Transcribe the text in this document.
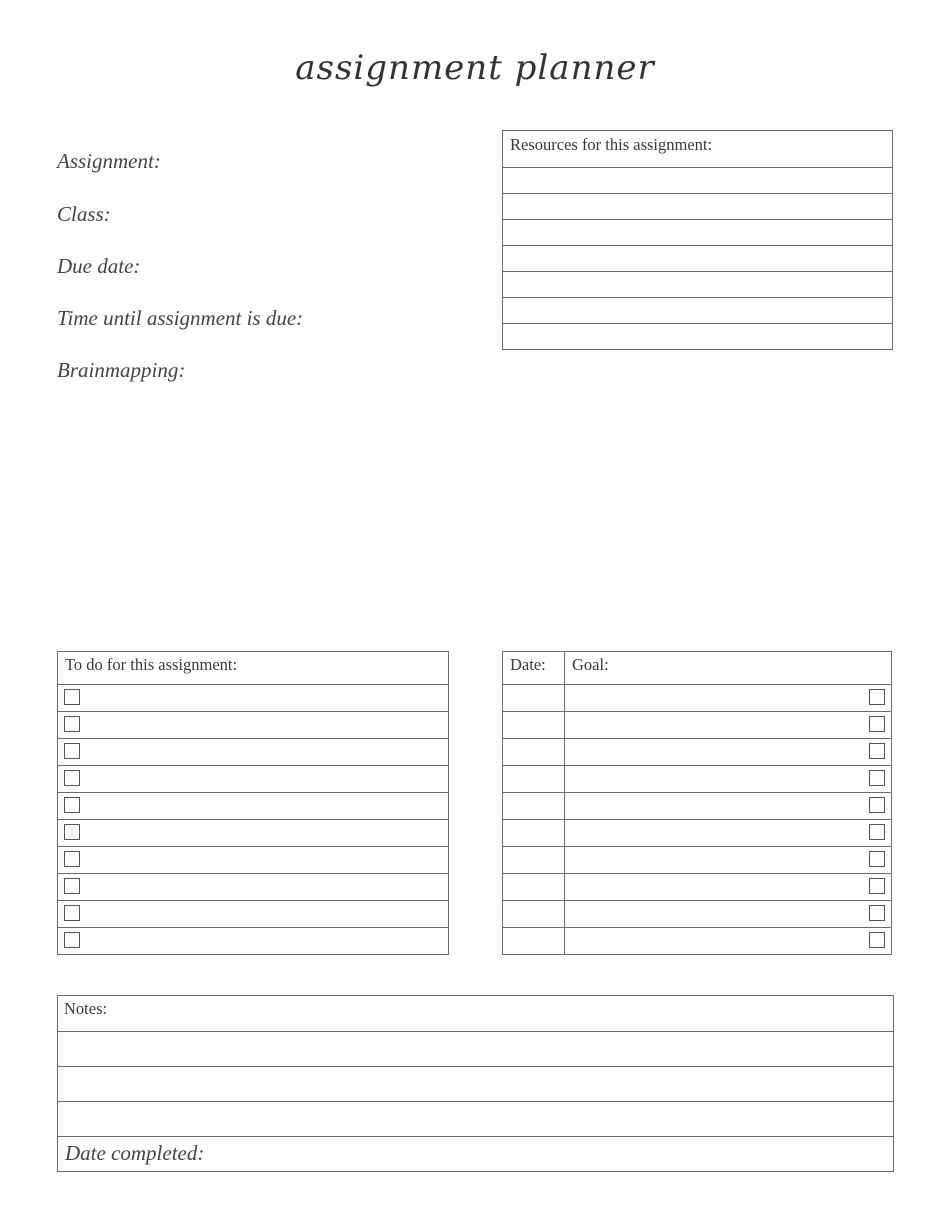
assignment planner
Assignment:
Class:
Due date:
Time until assignment is due:
Brainmapping:
Resources for this assignment:

To do for this assignment:	Date:	Goal:

Notes:

Date completed:
